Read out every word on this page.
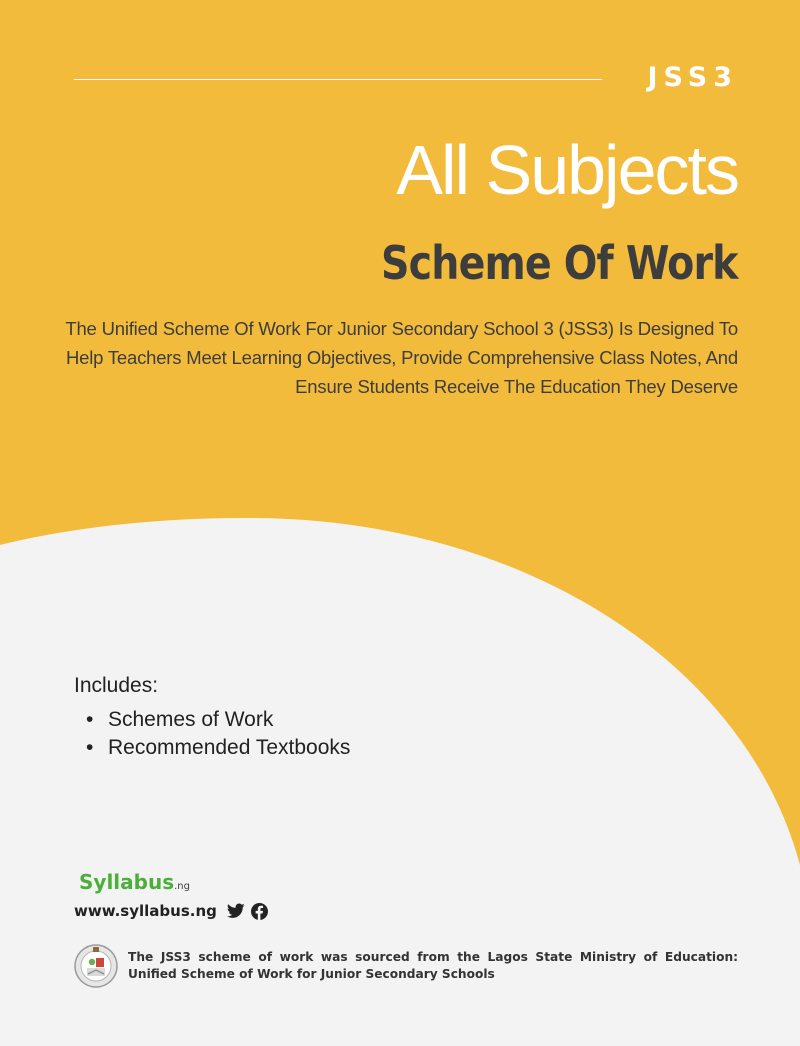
JSS3
All Subjects
Scheme Of Work
The Unified Scheme Of Work For Junior Secondary School 3 (JSS3) Is Designed To Help Teachers Meet Learning Objectives, Provide Comprehensive Class Notes, And Ensure Students Receive The Education They Deserve
Includes:
• Schemes of Work
• Recommended Textbooks
Syllabus.ng
www.syllabus.ng
The JSS3 scheme of work was sourced from the Lagos State Ministry of Education: Unified Scheme of Work for Junior Secondary Schools
